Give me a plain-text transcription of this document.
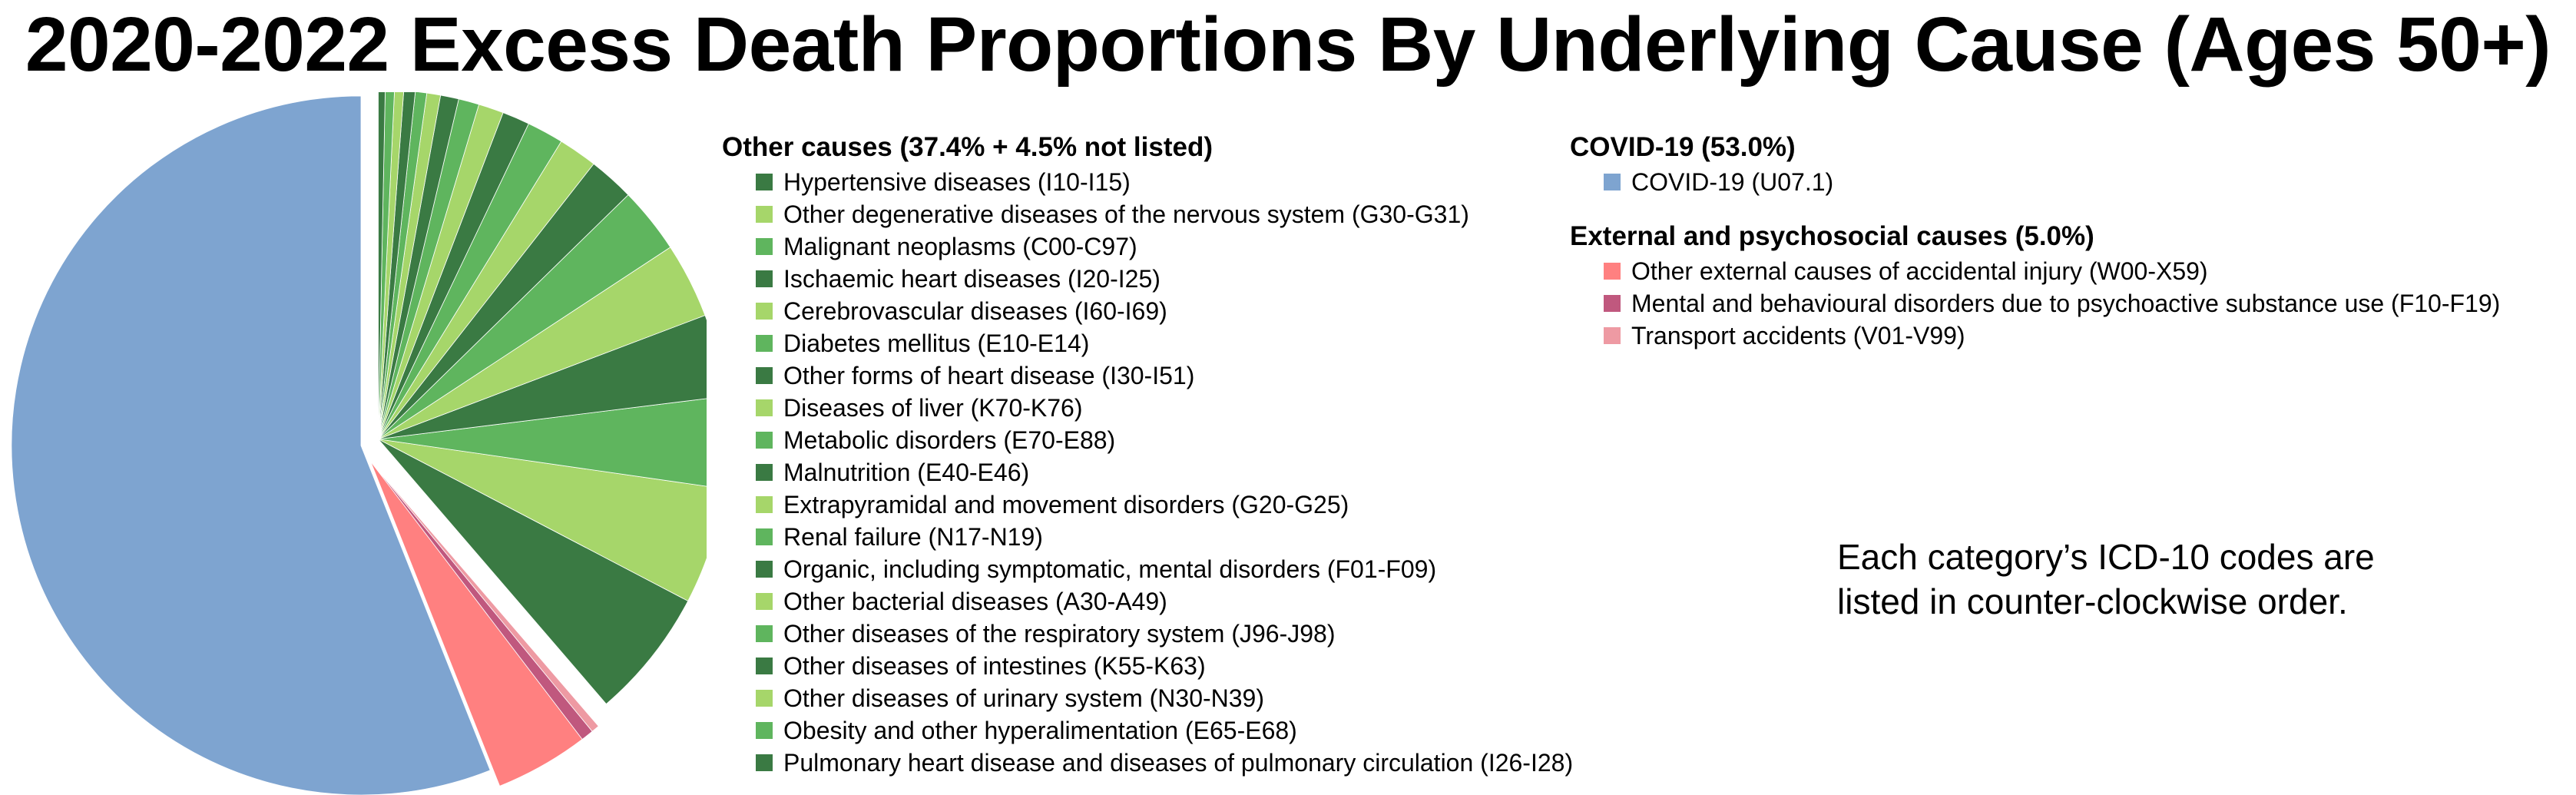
2020-2022 Excess Death Proportions By Underlying Cause (Ages 50+)
Other causes (37.4% + 4.5% not listed)
Hypertensive diseases (I10-I15)
Other degenerative diseases of the nervous system (G30-G31)
Malignant neoplasms (C00-C97)
Ischaemic heart diseases (I20-I25)
Cerebrovascular diseases (I60-I69)
Diabetes mellitus (E10-E14)
Other forms of heart disease (I30-I51)
Diseases of liver (K70-K76)
Metabolic disorders (E70-E88)
Malnutrition (E40-E46)
Extrapyramidal and movement disorders (G20-G25)
Renal failure (N17-N19)
Organic, including symptomatic, mental disorders (F01-F09)
Other bacterial diseases (A30-A49)
Other diseases of the respiratory system (J96-J98)
Other diseases of intestines (K55-K63)
Other diseases of urinary system (N30-N39)
Obesity and other hyperalimentation (E65-E68)
Pulmonary heart disease and diseases of pulmonary circulation (I26-I28)
COVID-19 (53.0%)
COVID-19 (U07.1)
External and psychosocial causes (5.0%)
Other external causes of accidental injury (W00-X59)
Mental and behavioural disorders due to psychoactive substance use (F10-F19)
Transport accidents (V01-V99)
Each category’s ICD-10 codes are
listed in counter-clockwise order.
